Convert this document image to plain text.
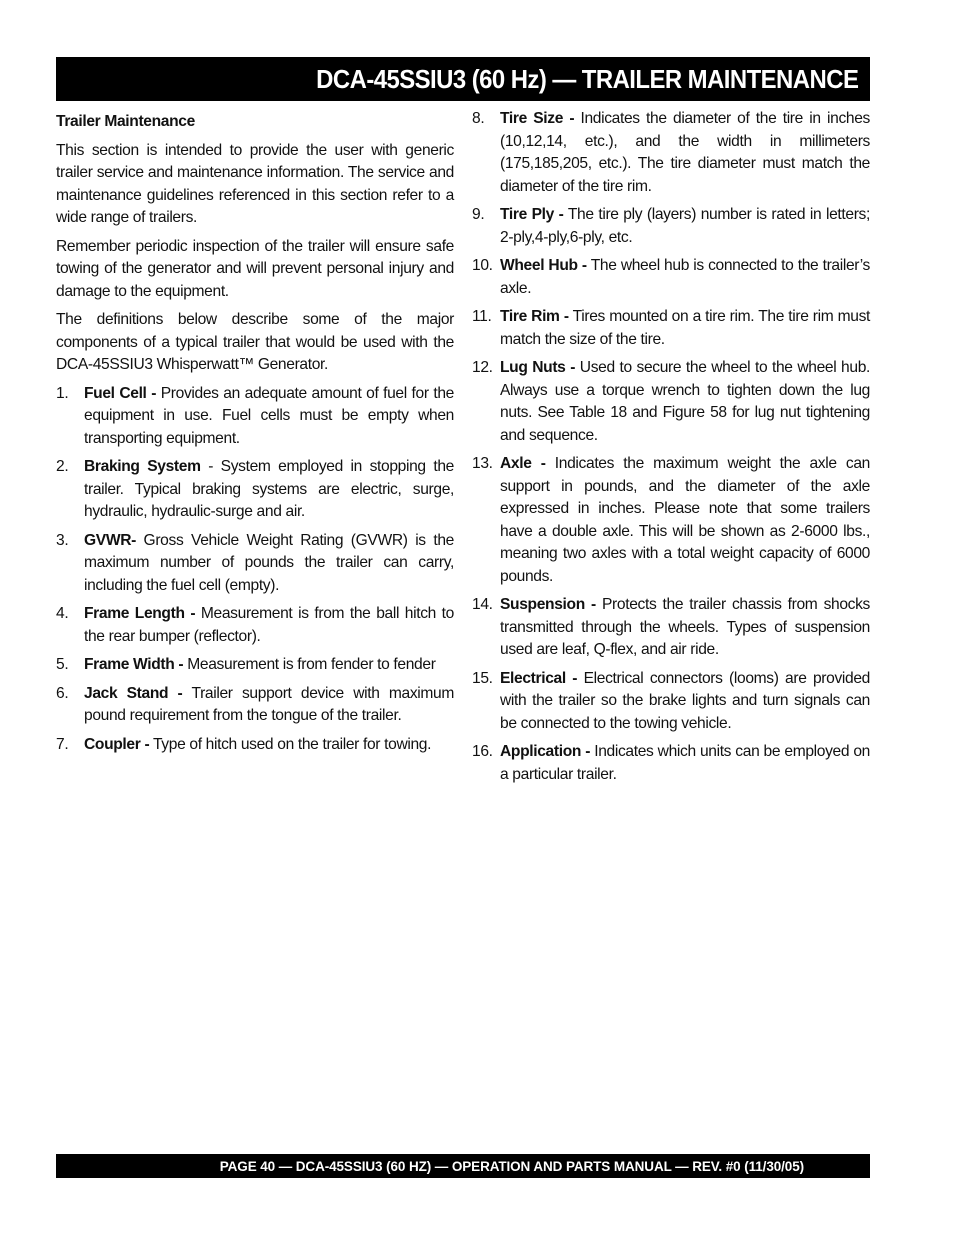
DCA-45SSIU3 (60 Hz) — TRAILER MAINTENANCE
Trailer Maintenance

This section is intended to provide the user with generic trailer service and maintenance information. The service and maintenance guidelines referenced in this section refer to a wide range of trailers.

Remember periodic inspection of the trailer will ensure safe towing of the generator and will prevent personal injury and damage to the equipment.

The definitions below describe some of the major components of a typical trailer that would be used with the DCA-45SSIU3 Whisperwatt™ Generator.

1.	Fuel Cell - Provides an adequate amount of fuel for the equipment in use. Fuel cells must be empty when transporting equipment.
2.	Braking System - System employed in stopping the trailer. Typical braking systems are electric, surge, hydraulic, hydraulic-surge and air.
3.	GVWR- Gross Vehicle Weight Rating (GVWR) is the maximum number of pounds the trailer can carry, including the fuel cell (empty).
4.	Frame Length - Measurement is from the ball hitch to the rear bumper (reflector).
5.	Frame Width - Measurement is from fender to fender
6.	Jack Stand - Trailer support device with maximum pound requirement from the tongue of the trailer.
7.	Coupler - Type of hitch used on the trailer for towing.
8.	Tire Size - Indicates the diameter of the tire in inches (10,12,14, etc.), and the width in millimeters (175,185,205, etc.). The tire diameter must match the diameter of the tire rim.
9.	Tire Ply - The tire ply (layers) number is rated in letters; 2-ply,4-ply,6-ply, etc.
10. Wheel Hub - The wheel hub is connected to the trailer’s axle.
11. Tire Rim - Tires mounted on a tire rim. The tire rim must match the size of the tire.
12. Lug Nuts - Used to secure the wheel to the wheel hub. Always use a torque wrench to tighten down the lug nuts. See Table 18 and Figure 58 for lug nut tightening and sequence.
13. Axle - Indicates the maximum weight the axle can support in pounds, and the diameter of the axle expressed in inches. Please note that some trailers have a double axle. This will be shown as 2-6000 lbs., meaning two axles with a total weight capacity of 6000 pounds.
14. Suspension - Protects the trailer chassis from shocks transmitted through the wheels. Types of suspension used are leaf, Q-flex, and air ride.
15. Electrical - Electrical connectors (looms) are provided with the trailer so the brake lights and turn signals can be connected to the towing vehicle.
16. Application - Indicates which units can be employed on a particular trailer.
PAGE 40 — DCA-45SSIU3 (60 HZ) — OPERATION AND PARTS MANUAL — REV. #0 (11/30/05)
